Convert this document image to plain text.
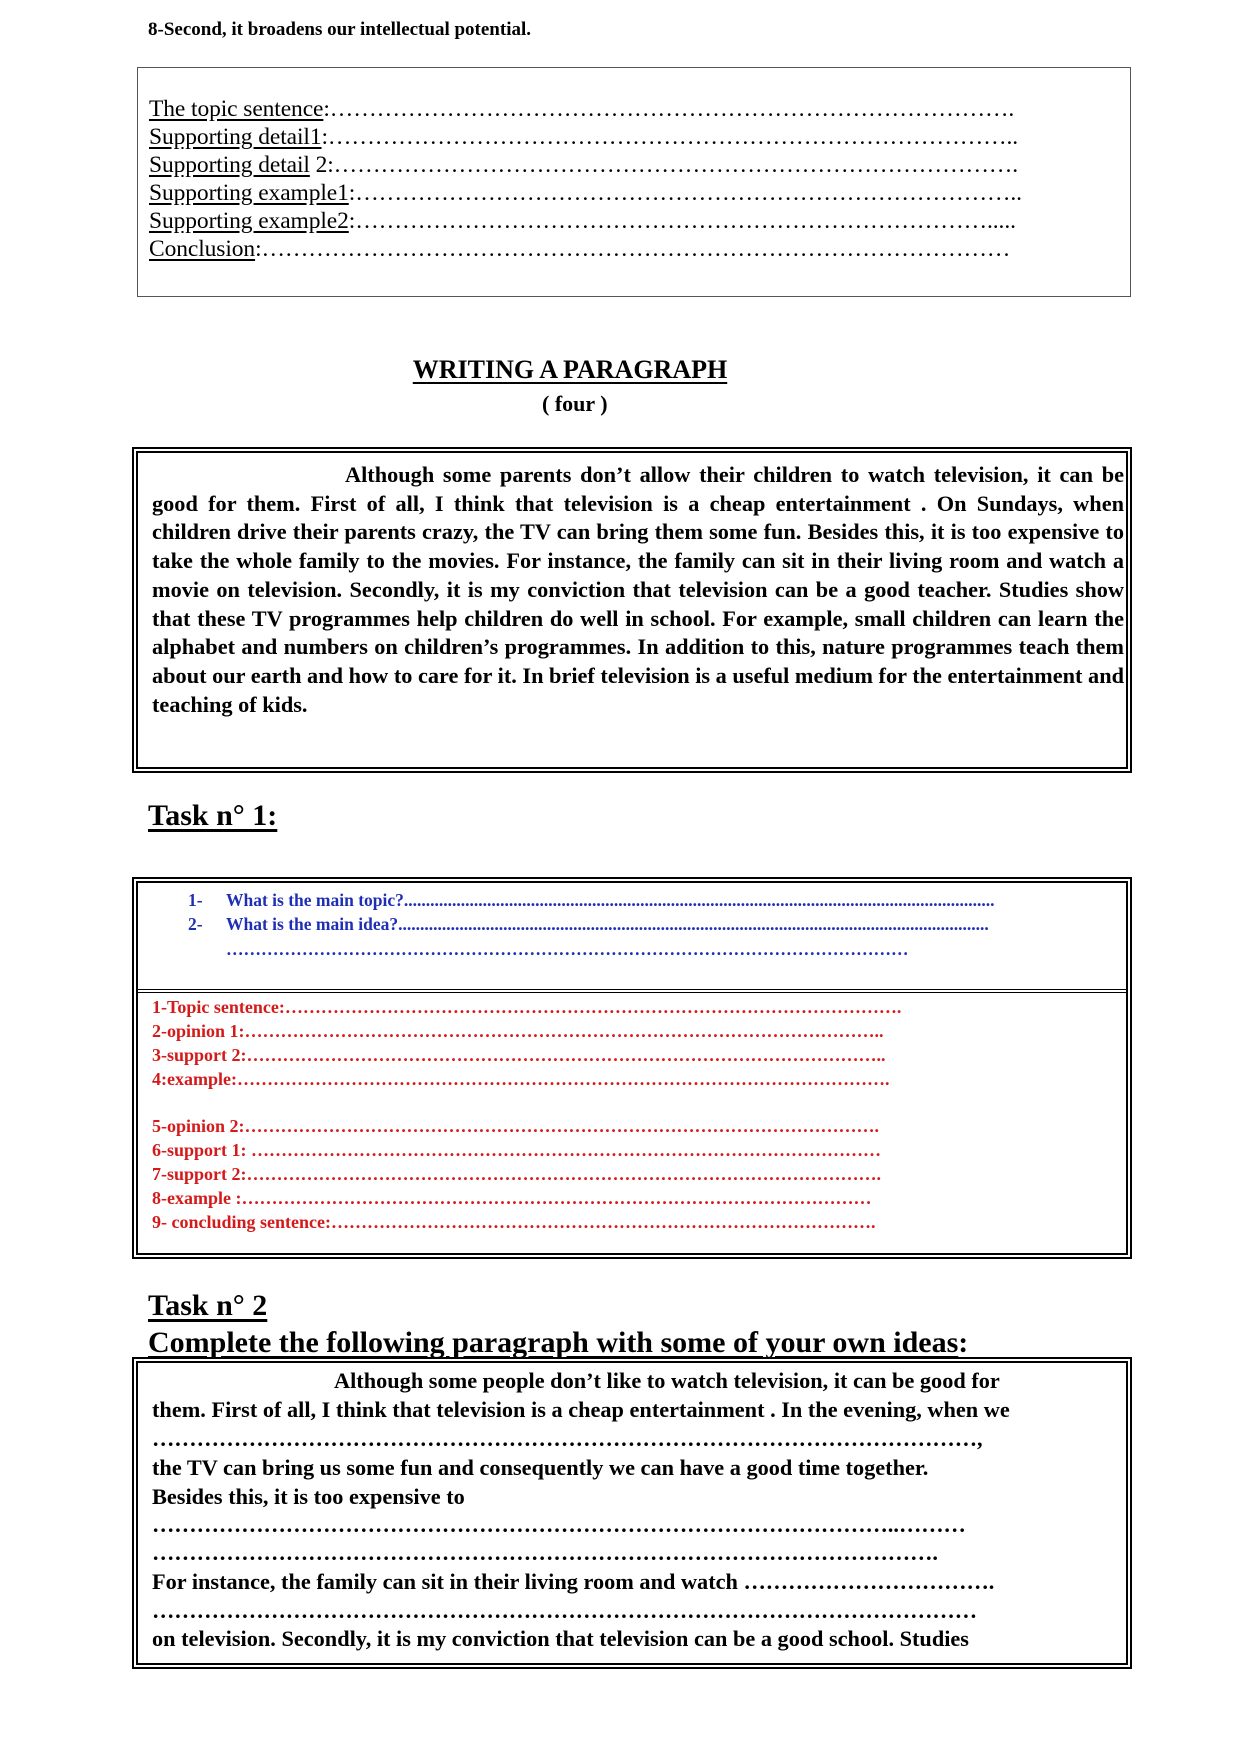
8-Second, it broadens our intellectual potential.
The topic sentence:…………………………………………………………………………….
Supporting detail1:……………………………………………………………………………..
Supporting detail 2:…………………………………………………………………………….
Supporting example1:…………………………………………………………………………..
Supporting example2:……………………………………………………………………….....
Conclusion:……………………………………………………………………………………
WRITING A PARAGRAPH
( four )
Although some parents don’t allow their children to watch television, it can be good for them. First of all, I think that television is a cheap entertainment . On Sundays, when children drive their parents crazy, the TV can bring them some fun. Besides this, it is too expensive to take the whole family to the movies. For instance, the family can sit in their living room and watch a movie on television. Secondly, it is my conviction that television can be a good teacher. Studies show that these TV programmes help children do well in school. For example, small children can learn the alphabet and numbers on children’s programmes. In addition to this, nature programmes teach them about our earth and how to care for it. In brief television is a useful medium for the entertainment and teaching of kids.
Task n° 1:
1- What is the main topic?.......................................................................................................................................
2- What is the main idea?.......................................................................................................................................
………………………………………………………………………………………………………
1-Topic sentence:………………………………………………………………………………………….
2-opinion 1:……………………………………………………………………………………………..
3-support 2:……………………………………………………………………………………………..
4:example:……………………………………………………………………………………………….
5-opinion 2:…………………………………………………………………………………………….
6-support 1: ……………………………………………………………………………………………
7-support 2:…………………………………………………………………………………………….
8-example :……………………………………………………………………………………………
9- concluding sentence:……………………………………………………………………………….
Task n° 2
Complete the following paragraph with some of your own ideas:
Although some people don’t like to watch television, it can be good for
them. First of all, I think that television is a cheap entertainment . In the evening, when we
…………………………………………………………………………………………………,
the TV can bring us some fun and consequently we can have a good time together.
Besides this, it is too expensive to
………………………………………………………………………………………..………
…………………………………………………………………………………………….
For instance, the family can sit in their living room and watch …………………………….
…………………………………………………………………………………………………
on television. Secondly, it is my conviction that television can be a good school. Studies
